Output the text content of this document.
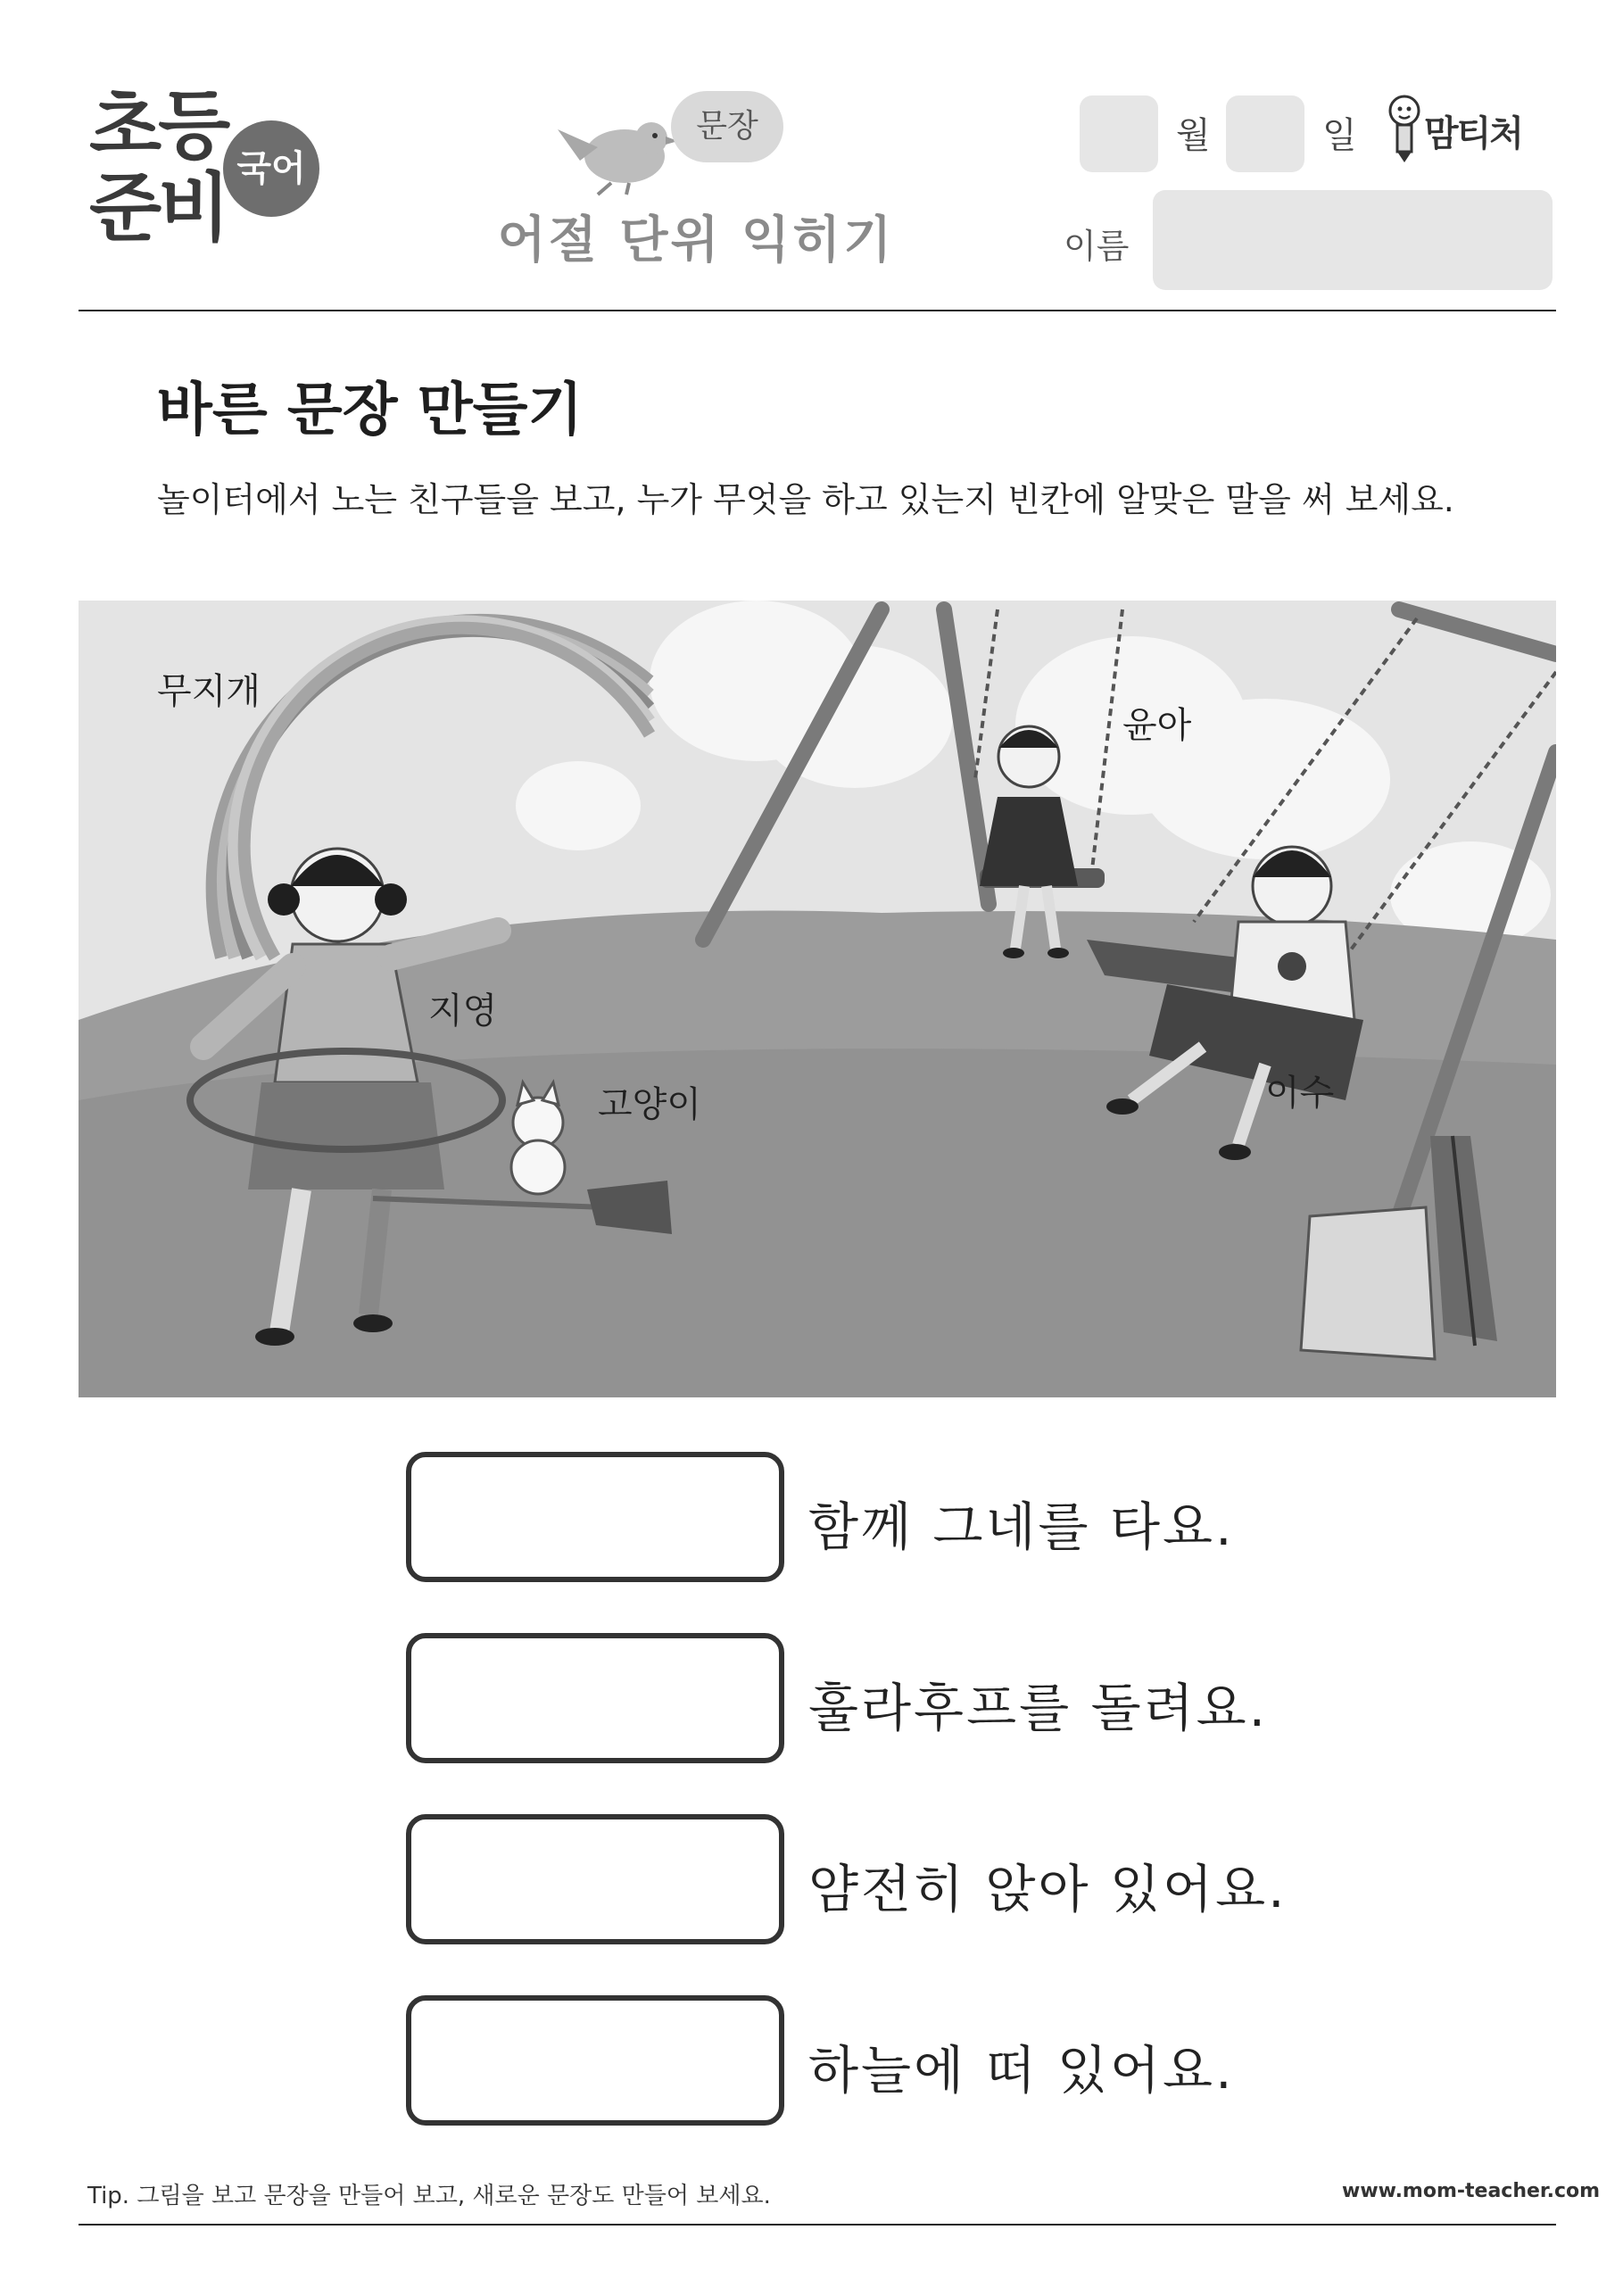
초등
준비 국어
문장
어절 단위 익히기
월	일 맘티처
이름
바른 문장 만들기
놀이터에서 노는 친구들을 보고, 누가 무엇을 하고 있는지 빈칸에 알맞은 말을 써 보세요.
무지개
윤아
지영
고양이	이수
함께 그네를 타요.
훌라후프를 돌려요.
얌전히 앉아 있어요.
하늘에 떠 있어요.
Tip. 그림을 보고 문장을 만들어 보고, 새로운 문장도 만들어 보세요.	www.mom-teacher.com
